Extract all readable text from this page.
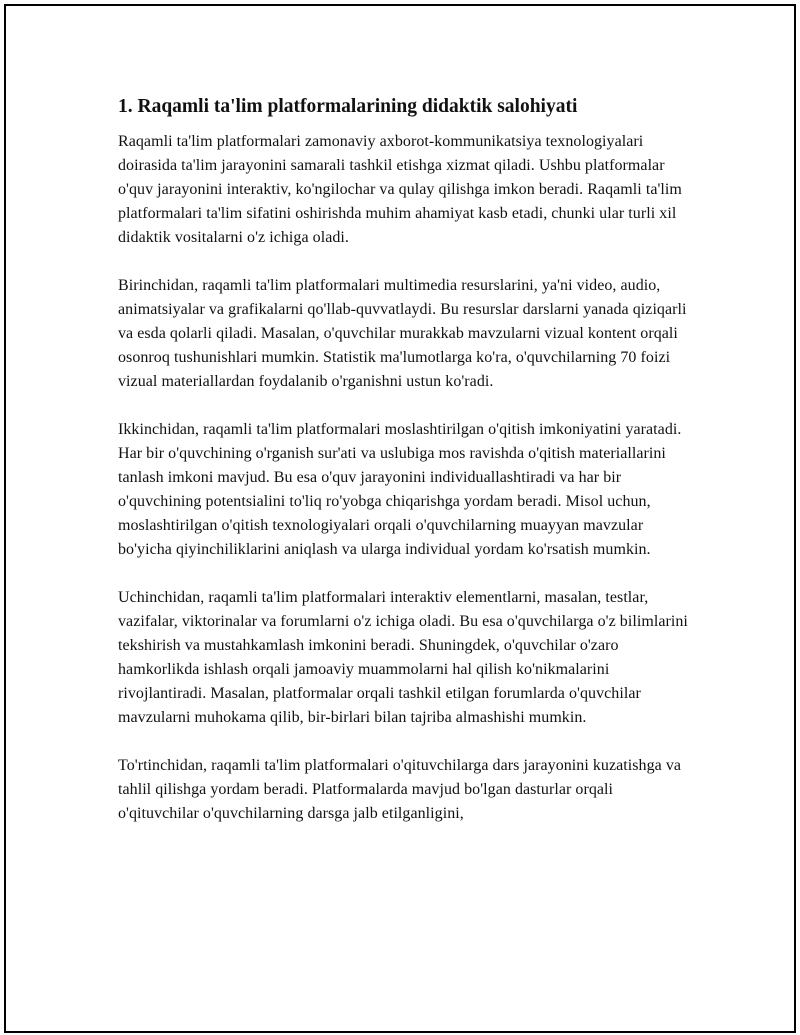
1. Raqamli ta'lim platformalarining didaktik salohiyati

Raqamli ta'lim platformalari zamonaviy axborot-kommunikatsiya texnologiyalari doirasida ta'lim jarayonini samarali tashkil etishga xizmat qiladi. Ushbu platformalar o'quv jarayonini interaktiv, ko'ngilochar va qulay qilishga imkon beradi. Raqamli ta'lim platformalari ta'lim sifatini oshirishda muhim ahamiyat kasb etadi, chunki ular turli xil didaktik vositalarni o'z ichiga oladi.

Birinchidan, raqamli ta'lim platformalari multimedia resurslarini, ya'ni video, audio, animatsiyalar va grafikalarni qo'llab-quvvatlaydi. Bu resurslar darslarni yanada qiziqarli va esda qolarli qiladi. Masalan, o'quvchilar murakkab mavzularni vizual kontent orqali osonroq tushunishlari mumkin. Statistik ma'lumotlarga ko'ra, o'quvchilarning 70 foizi vizual materiallardan foydalanib o'rganishni ustun ko'radi.

Ikkinchidan, raqamli ta'lim platformalari moslashtirilgan o'qitish imkoniyatini yaratadi. Har bir o'quvchining o'rganish sur'ati va uslubiga mos ravishda o'qitish materiallarini tanlash imkoni mavjud. Bu esa o'quv jarayonini individuallashtiradi va har bir o'quvchining potentsialini to'liq ro'yobga chiqarishga yordam beradi. Misol uchun, moslashtirilgan o'qitish texnologiyalari orqali o'quvchilarning muayyan mavzular bo'yicha qiyinchiliklarini aniqlash va ularga individual yordam ko'rsatish mumkin.

Uchinchidan, raqamli ta'lim platformalari interaktiv elementlarni, masalan, testlar, vazifalar, viktorinalar va forumlarni o'z ichiga oladi. Bu esa o'quvchilarga o'z bilimlarini tekshirish va mustahkamlash imkonini beradi. Shuningdek, o'quvchilar o'zaro hamkorlikda ishlash orqali jamoaviy muammolarni hal qilish ko'nikmalarini rivojlantiradi. Masalan, platformalar orqali tashkil etilgan forumlarda o'quvchilar mavzularni muhokama qilib, bir-birlari bilan tajriba almashishi mumkin.

To'rtinchidan, raqamli ta'lim platformalari o'qituvchilarga dars jarayonini kuzatishga va tahlil qilishga yordam beradi. Platformalarda mavjud bo'lgan dasturlar orqali o'qituvchilar o'quvchilarning darsga jalb etilganligini,
